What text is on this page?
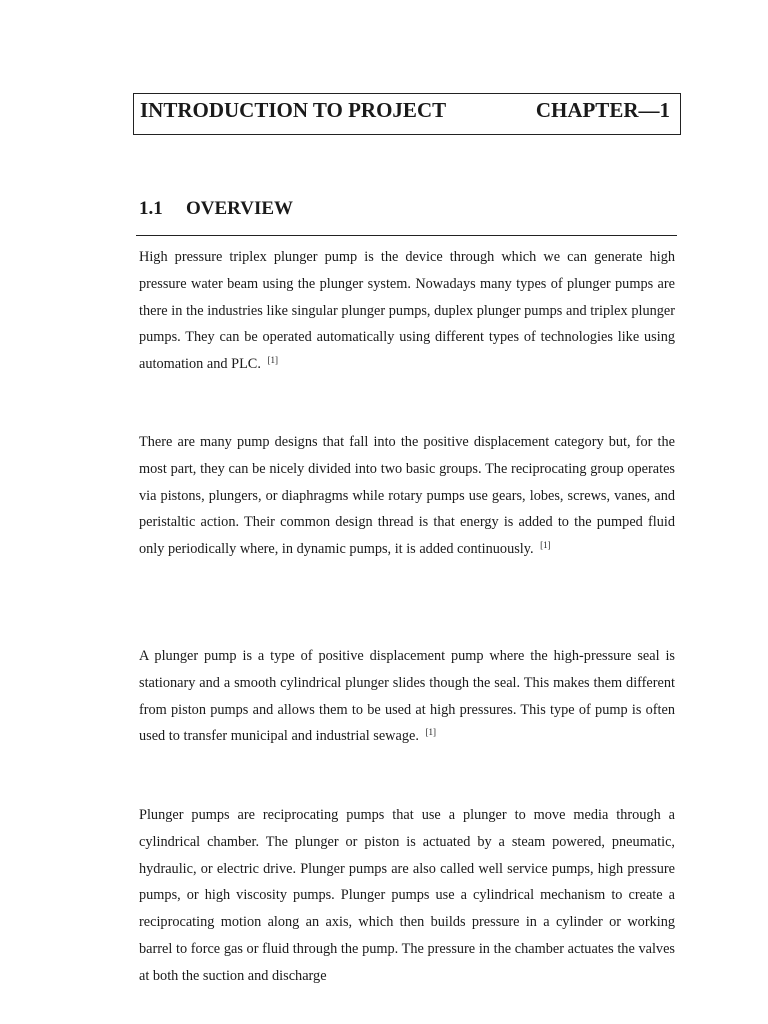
INTRODUCTION TO PROJECT	CHAPTER—1
1.1 OVERVIEW

High pressure triplex plunger pump is the device through which we can generate high pressure water beam using the plunger system. Nowadays many types of plunger pumps are there in the industries like singular plunger pumps, duplex plunger pumps and triplex plunger pumps. They can be operated automatically using different types of technologies like using automation and PLC. [1]

There are many pump designs that fall into the positive displacement category but, for the most part, they can be nicely divided into two basic groups. The reciprocating group operates via pistons, plungers, or diaphragms while rotary pumps use gears, lobes, screws, vanes, and peristaltic action. Their common design thread is that energy is added to the pumped fluid only periodically where, in dynamic pumps, it is added continuously. [1]

A plunger pump is a type of positive displacement pump where the high-pressure seal is stationary and a smooth cylindrical plunger slides though the seal. This makes them different from piston pumps and allows them to be used at high pressures. This type of pump is often used to transfer municipal and industrial sewage. [1]

Plunger pumps are reciprocating pumps that use a plunger to move media through a cylindrical chamber. The plunger or piston is actuated by a steam powered, pneumatic, hydraulic, or electric drive. Plunger pumps are also called well service pumps, high pressure pumps, or high viscosity pumps. Plunger pumps use a cylindrical mechanism to create a reciprocating motion along an axis, which then builds pressure in a cylinder or working barrel to force gas or fluid through the pump. The pressure in the chamber actuates the valves at both the suction and discharge
